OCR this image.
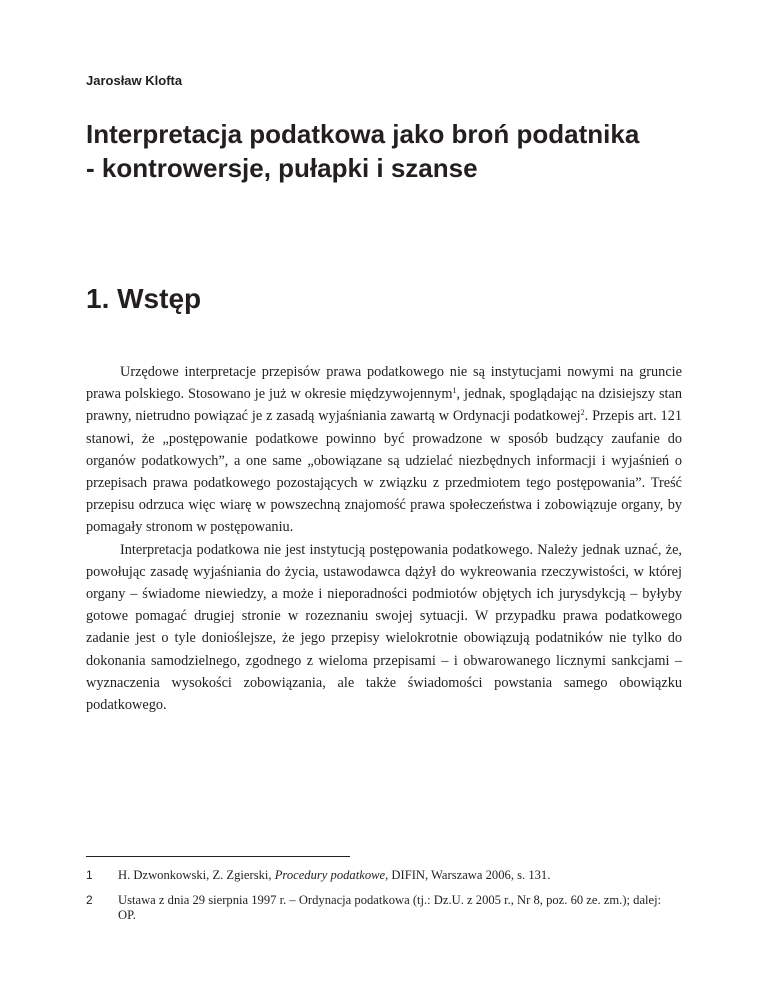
Jarosław Klofta
Interpretacja podatkowa jako broń podatnika
- kontrowersje, pułapki i szanse
1. Wstęp

Urzędowe interpretacje przepisów prawa podatkowego nie są instytucjami nowymi na gruncie prawa polskiego. Stosowano je już w okresie międzywojennym$^1$, jednak, spoglądając na dzisiejszy stan prawny, nietrudno powiązać je z zasadą wyjaśniania zawartą w Ordynacji podatkowej$^2$. Przepis art. 121 stanowi, że „postępowanie podatkowe powinno być prowadzone w sposób budzący zaufanie do organów podatkowych”, a one same „obowiązane są udzielać niezbędnych informacji i wyjaśnień o przepisach prawa podatkowego pozostających w związku z przedmiotem tego postępowania”. Treść przepisu odrzuca więc wiarę w powszechną znajomość prawa społeczeństwa i zobowiązuje organy, by pomagały stronom w postępowaniu.

Interpretacja podatkowa nie jest instytucją postępowania podatkowego. Należy jednak uznać, że, powołując zasadę wyjaśniania do życia, ustawodawca dążył do wykreowania rzeczywistości, w której organy – świadome niewiedzy, a może i nieporadności podmiotów objętych ich jurysdykcją – byłyby gotowe pomagać drugiej stronie w rozeznaniu swojej sytuacji. W przypadku prawa podatkowego zadanie jest o tyle donioślejsze, że jego przepisy wielokrotnie obowiązują podatników nie tylko do dokonania samodzielnego, zgodnego z wieloma przepisami – i obwarowanego licznymi sankcjami – wyznaczenia wysokości zobowiązania, ale także świadomości powstania samego obowiązku podatkowego.

1	H. Dzwonkowski, Z. Zgierski, Procedury podatkowe, DIFIN, Warszawa 2006, s. 131.
2	Ustawa z dnia 29 sierpnia 1997 r. – Ordynacja podatkowa (tj.: Dz.U. z 2005 r., Nr 8, poz. 60 ze. zm.); dalej: OP.
